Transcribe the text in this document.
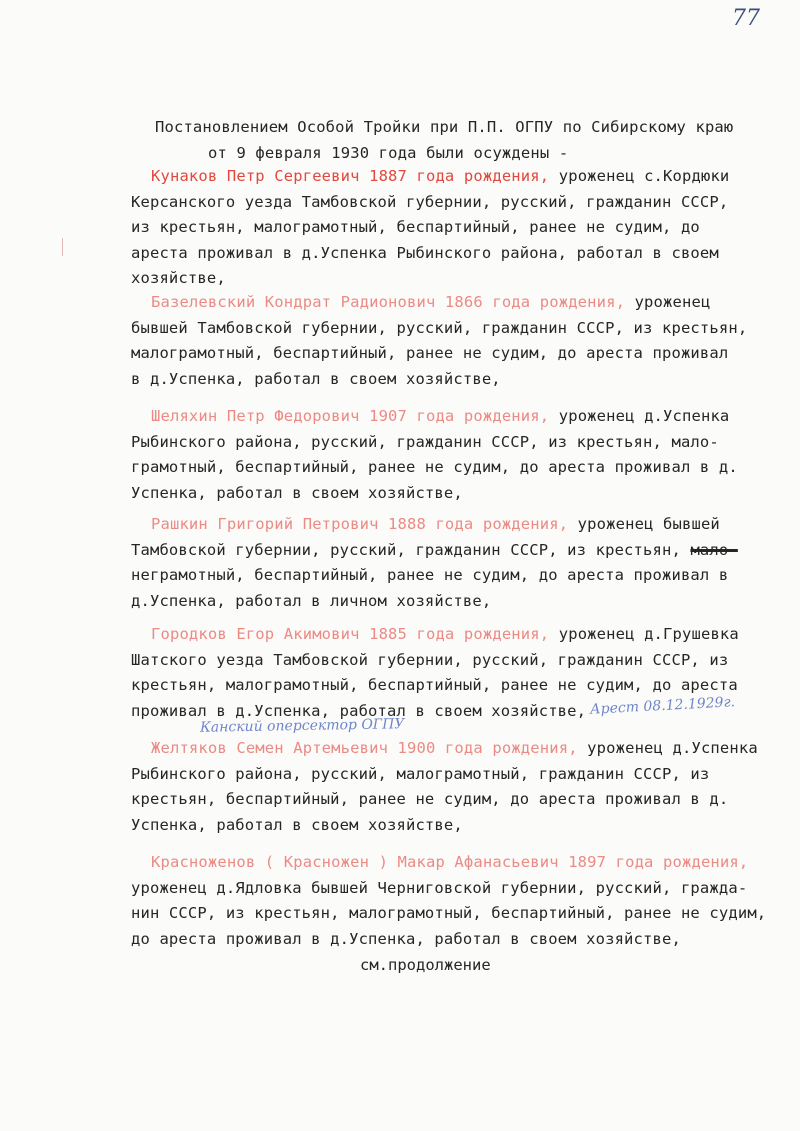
77
Постановлением Особой Тройки при П.П. ОГПУ по Сибирскому краю
от 9 февраля 1930 года были осуждены -
Кунаков Петр Сергеевич 1887 года рождения, уроженец с.Кордюки
Керсанского уезда Тамбовской губернии, русский, гражданин СССР,
из крестьян, малограмотный, беспартийный, ранее не судим, до
ареста проживал в д.Успенка Рыбинского района, работал в своем
хозяйстве,
Базелевский Кондрат Радионович 1866 года рождения, уроженец
бывшей Тамбовской губернии, русский, гражданин СССР, из крестьян,
малограмотный, беспартийный, ранее не судим, до ареста проживал
в д.Успенка, работал в своем хозяйстве,
Шеляхин Петр Федорович 1907 года рождения, уроженец д.Успенка
Рыбинского района, русский, гражданин СССР, из крестьян, мало-
грамотный, беспартийный, ранее не судим, до ареста проживал в д.
Успенка, работал в своем хозяйстве,
Рашкин Григорий Петрович 1888 года рождения, уроженец бывшей
Тамбовской губернии, русский, гражданин СССР, из крестьян, мало-
неграмотный, беспартийный, ранее не судим, до ареста проживал в
д.Успенка, работал в личном хозяйстве,
Городков Егор Акимович 1885 года рождения, уроженец д.Грушевка
Шатского уезда Тамбовской губернии, русский, гражданин СССР, из
крестьян, малограмотный, беспартийный, ранее не судим, до ареста
проживал в д.Успенка, работал в своем хозяйстве, Арест 08.12.1929г.
Канский оперсектор ОГПУ
Желтяков Семен Артемьевич 1900 года рождения, уроженец д.Успенка
Рыбинского района, русский, малограмотный, гражданин СССР, из
крестьян, беспартийный, ранее не судим, до ареста проживал в д.
Успенка, работал в своем хозяйстве,
Красноженов ( Красножен ) Макар Афанасьевич 1897 года рождения,
уроженец д.Ядловка бывшей Черниговской губернии, русский, гражда-
нин СССР, из крестьян, малограмотный, беспартийный, ранее не судим,
до ареста проживал в д.Успенка, работал в своем хозяйстве,
см.продолжение
